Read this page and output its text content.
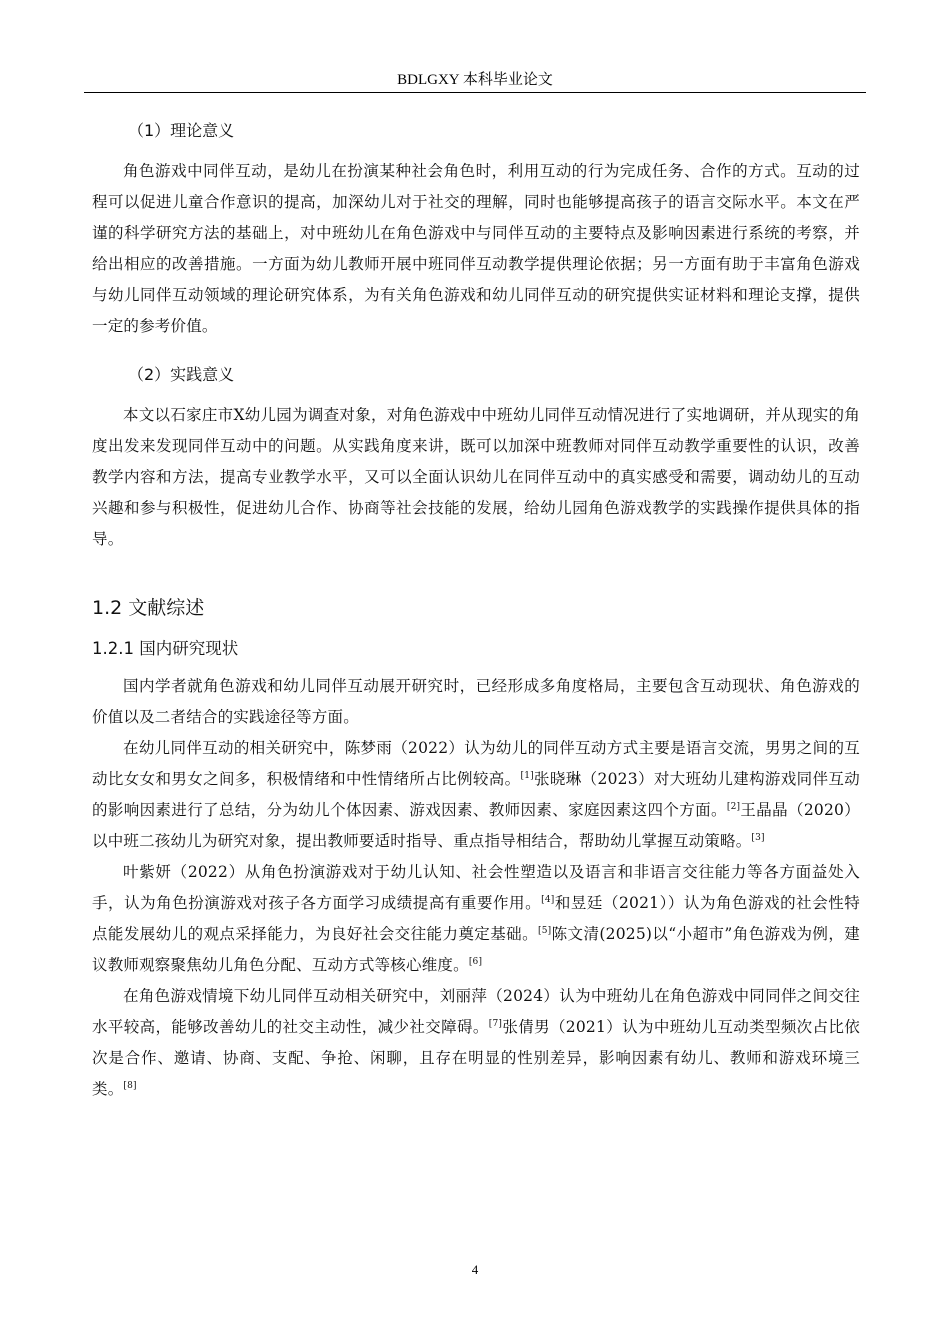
BDLGXY 本科毕业论文

（1）理论意义

角色游戏中同伴互动，是幼儿在扮演某种社会角色时，利用互动的行为完成任务、合作的方式。互动的过程可以促进儿童合作意识的提高，加深幼儿对于社交的理解，同时也能够提高孩子的语言交际水平。本文在严谨的科学研究方法的基础上，对中班幼儿在角色游戏中与同伴互动的主要特点及影响因素进行系统的考察，并给出相应的改善措施。一方面为幼儿教师开展中班同伴互动教学提供理论依据；另一方面有助于丰富角色游戏与幼儿同伴互动领域的理论研究体系，为有关角色游戏和幼儿同伴互动的研究提供实证材料和理论支撑，提供一定的参考价值。

（2）实践意义

本文以石家庄市X幼儿园为调查对象，对角色游戏中中班幼儿同伴互动情况进行了实地调研，并从现实的角度出发来发现同伴互动中的问题。从实践角度来讲，既可以加深中班教师对同伴互动教学重要性的认识，改善教学内容和方法，提高专业教学水平，又可以全面认识幼儿在同伴互动中的真实感受和需要，调动幼儿的互动兴趣和参与积极性，促进幼儿合作、协商等社会技能的发展，给幼儿园角色游戏教学的实践操作提供具体的指导。

1.2 文献综述

1.2.1 国内研究现状

国内学者就角色游戏和幼儿同伴互动展开研究时，已经形成多角度格局，主要包含互动现状、角色游戏的价值以及二者结合的实践途径等方面。

在幼儿同伴互动的相关研究中，陈梦雨（2022）认为幼儿的同伴互动方式主要是语言交流，男男之间的互动比女女和男女之间多，积极情绪和中性情绪所占比例较高。[1]张晓琳（2023）对大班幼儿建构游戏同伴互动的影响因素进行了总结，分为幼儿个体因素、游戏因素、教师因素、家庭因素这四个方面。[2]王晶晶（2020）以中班二孩幼儿为研究对象，提出教师要适时指导、重点指导相结合，帮助幼儿掌握互动策略。[3]

叶紫妍（2022）从角色扮演游戏对于幼儿认知、社会性塑造以及语言和非语言交往能力等各方面益处入手，认为角色扮演游戏对孩子各方面学习成绩提高有重要作用。[4]和昱廷（2021））认为角色游戏的社会性特点能发展幼儿的观点采择能力，为良好社会交往能力奠定基础。[5]陈文清(2025)以“小超市”角色游戏为例，建议教师观察聚焦幼儿角色分配、互动方式等核心维度。[6]

在角色游戏情境下幼儿同伴互动相关研究中，刘丽萍（2024）认为中班幼儿在角色游戏中同同伴之间交往水平较高，能够改善幼儿的社交主动性，减少社交障碍。[7]张倩男（2021）认为中班幼儿互动类型频次占比依次是合作、邀请、协商、支配、争抢、闲聊，且存在明显的性别差异，影响因素有幼儿、教师和游戏环境三类。[8]

4
